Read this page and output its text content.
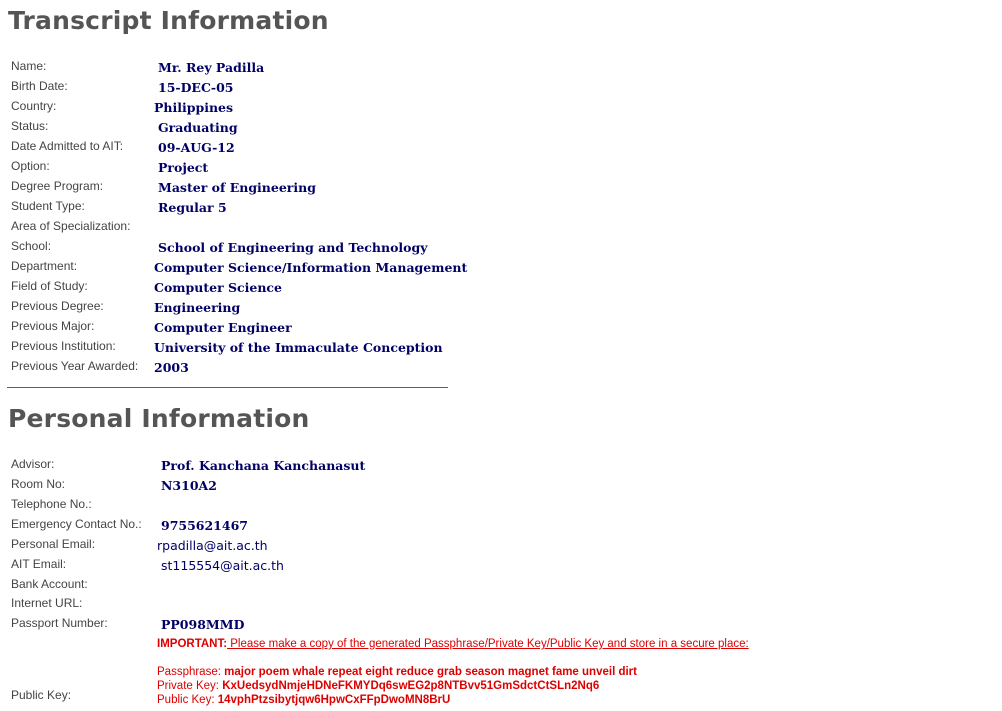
Transcript Information
Name:	Mr. Rey Padilla
Birth Date:	15-DEC-05
Country:	Philippines
Status:	Graduating
Date Admitted to AIT:	09-AUG-12
Option:	Project
Degree Program:	Master of Engineering
Student Type:	Regular 5
Area of Specialization:
School:	School of Engineering and Technology
Department:	Computer Science/Information Management
Field of Study:	Computer Science
Previous Degree:	Engineering
Previous Major:	Computer Engineer
Previous Institution:	University of the Immaculate Conception
Previous Year Awarded: 2003
Personal Information
Advisor:	Prof. Kanchana Kanchanasut
Room No:	N310A2
Telephone No.:
Emergency Contact No.: 9755621467
Personal Email:	rpadilla@ait.ac.th
AIT Email:	st115554@ait.ac.th
Bank Account:
Internet URL:
Passport Number:	PP098MMD
IMPORTANT: Please make a copy of the generated Passphrase/Private Key/Public Key and store in a secure place:
Passphrase: major poem whale repeat eight reduce grab season magnet fame unveil dirt
Private Key: KxUedsydNmjeHDNeFKMYDq6swEG2p8NTBvv51GmSdctCtSLn2Nq6
Public Key: 14vphPtzsibytjqw6HpwCxFFpDwoMN8BrU
Public Key:
